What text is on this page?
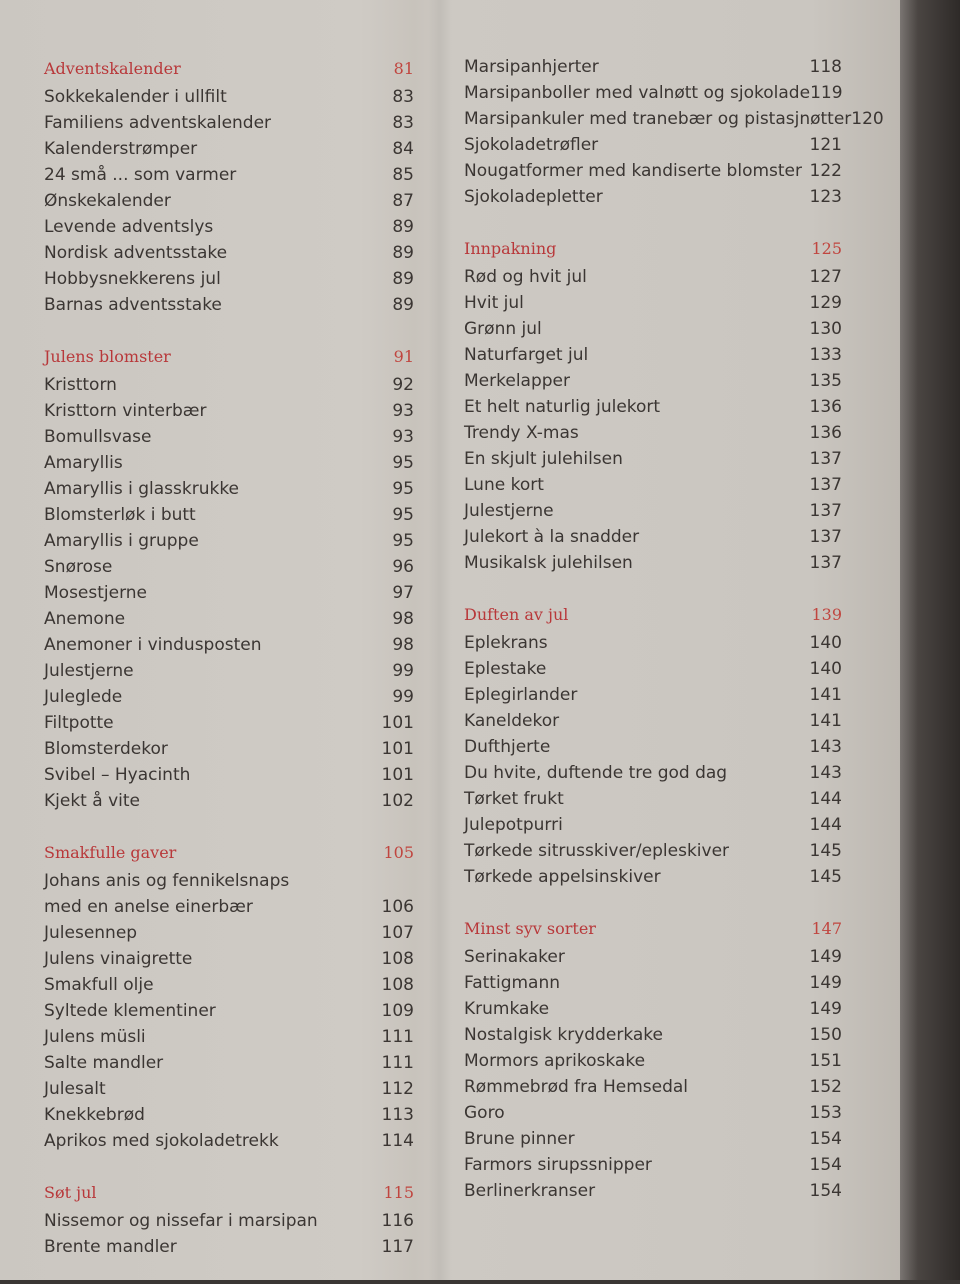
Adventskalender	81
Sokkekalender i ullfilt	83
Familiens adventskalender	83
Kalenderstrømper	84
24 små ... som varmer	85
Ønskekalender	87
Levende adventslys	89
Nordisk adventsstake	89
Hobbysnekkerens jul	89
Barnas adventsstake	89
Julens blomster	91
Kristtorn	92
Kristtorn vinterbær	93
Bomullsvase	93
Amaryllis	95
Amaryllis i glasskrukke	95
Blomsterløk i butt	95
Amaryllis i gruppe	95
Snørose	96
Mosestjerne	97
Anemone	98
Anemoner i vindusposten	98
Julestjerne	99
Juleglede	99
Filtpotte	101
Blomsterdekor	101
Svibel – Hyacinth	101
Kjekt å vite	102
Smakfulle gaver	105
Johans anis og fennikelsnaps
med en anelse einerbær	106
Julesennep	107
Julens vinaigrette	108
Smakfull olje	108
Syltede klementiner	109
Julens müsli	111
Salte mandler	111
Julesalt	112
Knekkebrød	113
Aprikos med sjokoladetrekk	114
Søt jul	115
Nissemor og nissefar i marsipan	116
Brente mandler	117
Marsipanhjerter	118
Marsipanboller med valnøtt og sjokolade 119
Marsipankuler med tranebær og pistasjnøtter 120
Sjokoladetrøfler	121
Nougatformer med kandiserte blomster 122
Sjokoladepletter	123
Innpakning	125
Rød og hvit jul	127
Hvit jul	129
Grønn jul	130
Naturfarget jul	133
Merkelapper	135
Et helt naturlig julekort	136
Trendy X-mas	136
En skjult julehilsen	137
Lune kort	137
Julestjerne	137
Julekort à la snadder	137
Musikalsk julehilsen	137
Duften av jul	139
Eplekrans	140
Eplestake	140
Eplegirlander	141
Kaneldekor	141
Dufthjerte	143
Du hvite, duftende tre god dag	143
Tørket frukt	144
Julepotpurri	144
Tørkede sitrusskiver/epleskiver	145
Tørkede appelsinskiver	145
Minst syv sorter	147
Serinakaker	149
Fattigmann	149
Krumkake	149
Nostalgisk krydderkake	150
Mormors aprikoskake	151
Rømmebrød fra Hemsedal	152
Goro	153
Brune pinner	154
Farmors sirupssnipper	154
Berlinerkranser	154
